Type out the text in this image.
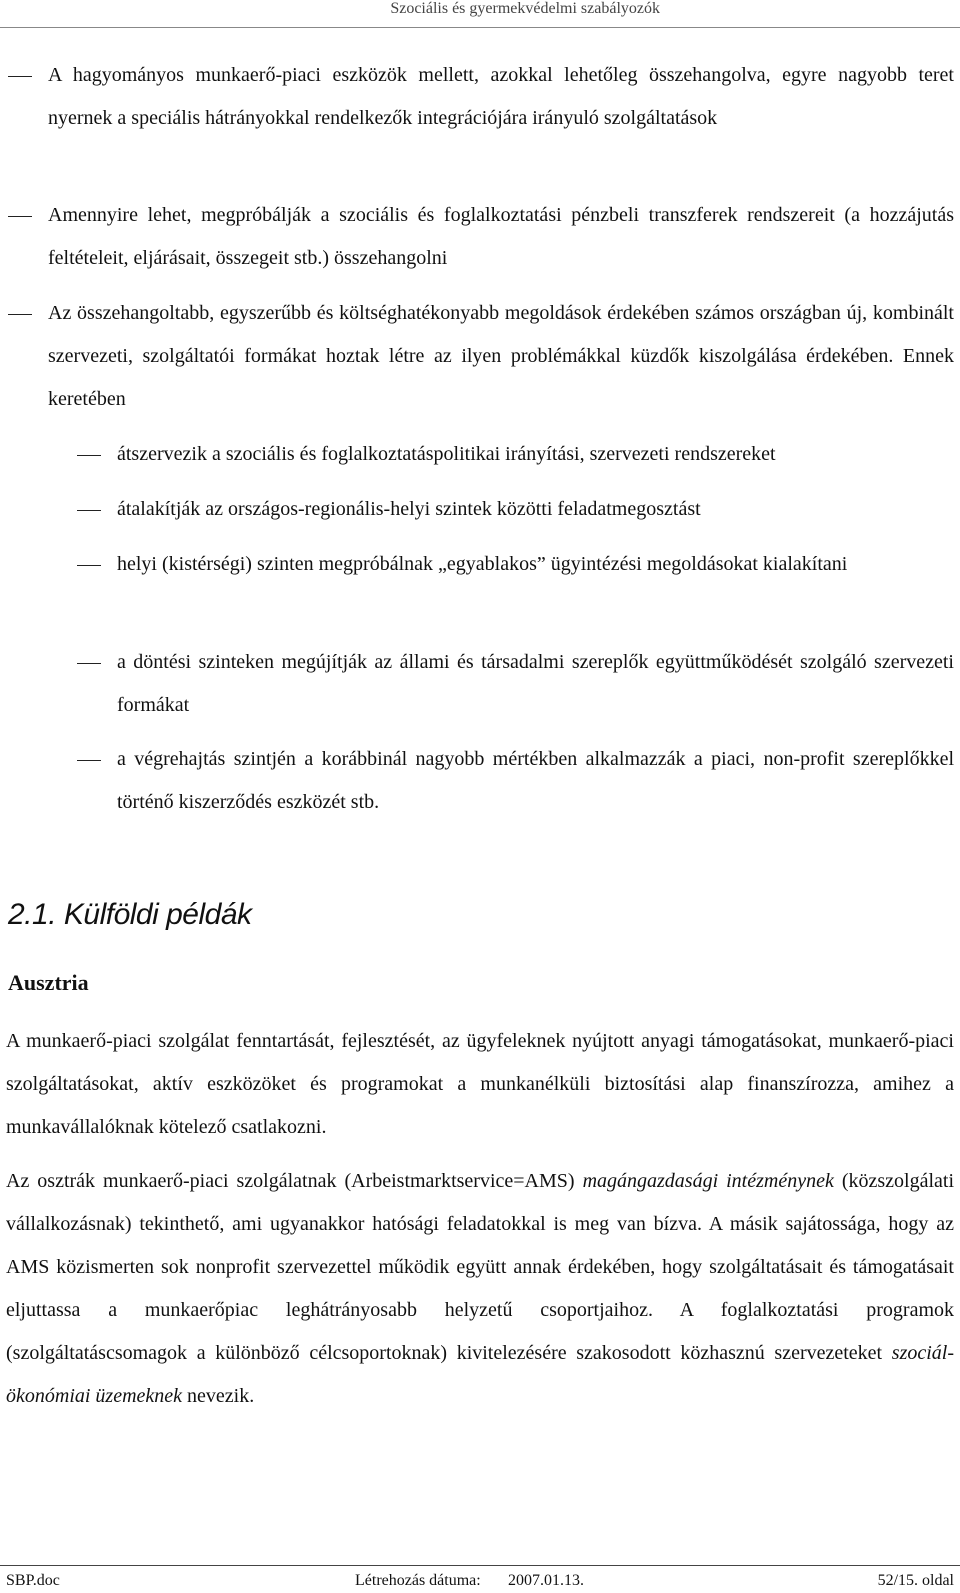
Szociális és gyermekvédelmi szabályozók

A hagyományos munkaerő-piaci eszközök mellett, azokkal lehetőleg összehangolva, egyre nagyobb teret nyernek a speciális hátrányokkal rendelkezők integrációjára irányuló szolgáltatások

Amennyire lehet, megpróbálják a szociális és foglalkoztatási pénzbeli transzferek rendszereit (a hozzájutás feltételeit, eljárásait, összegeit stb.) összehangolni

Az összehangoltabb, egyszerűbb és költséghatékonyabb megoldások érdekében számos országban új, kombinált szervezeti, szolgáltatói formákat hoztak létre az ilyen problémákkal küzdők kiszolgálása érdekében. Ennek keretében

átszervezik a szociális és foglalkoztatáspolitikai irányítási, szervezeti rendszereket

átalakítják az országos-regionális-helyi szintek közötti feladatmegosztást

helyi (kistérségi) szinten megpróbálnak „egyablakos” ügyintézési megoldásokat kialakítani

a döntési szinteken megújítják az állami és társadalmi szereplők együttműködését szolgáló szervezeti formákat

a végrehajtás szintjén a korábbinál nagyobb mértékben alkalmazzák a piaci, non-profit szereplőkkel történő kiszerződés eszközét stb.

2.1. Külföldi példák
Ausztria

A munkaerő-piaci szolgálat fenntartását, fejlesztését, az ügyfeleknek nyújtott anyagi támogatásokat, munkaerő-piaci szolgáltatásokat, aktív eszközöket és programokat a munkanélküli biztosítási alap finanszírozza, amihez a munkavállalóknak kötelező csatlakozni.

Az osztrák munkaerő-piaci szolgálatnak (Arbeistmarktservice=AMS) magángazdasági intézménynek (közszolgálati vállalkozásnak) tekinthető, ami ugyanakkor hatósági feladatokkal is meg van bízva. A másik sajátossága, hogy az AMS közismerten sok nonprofit szervezettel működik együtt annak érdekében, hogy szolgáltatásait és támogatásait eljuttassa a munkaerőpiac leghátrányosabb helyzetű csoportjaihoz. A foglalkoztatási programok (szolgáltatáscsomagok a különböző célcsoportoknak) kivitelezésére szakosodott közhasznú szervezeteket szociál-ökonómiai üzemeknek nevezik.

SBP.doc	Létrehozás dátuma: 2007.01.13.	52/15. oldal
